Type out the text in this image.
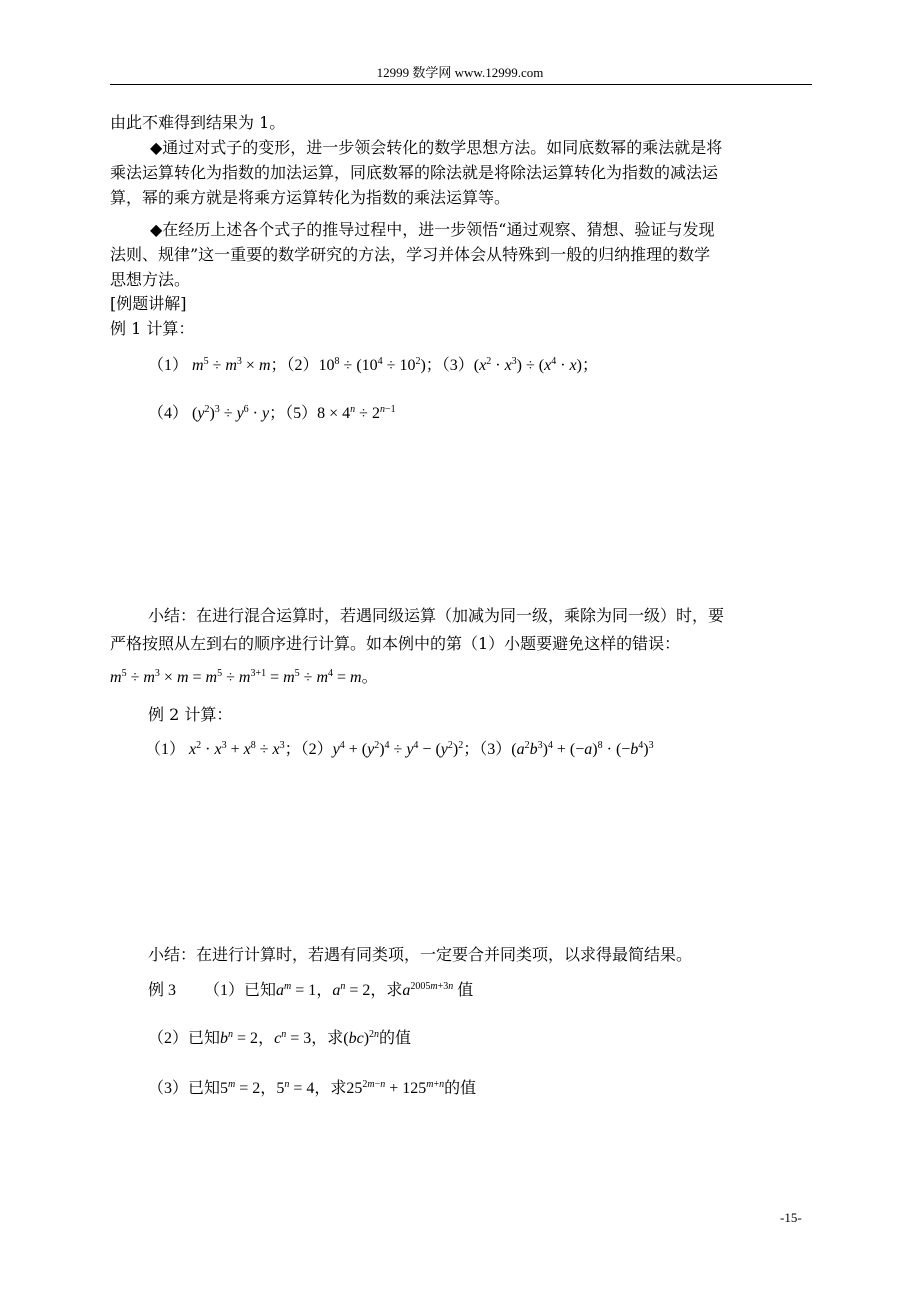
12999 数学网 www.12999.com
由此不难得到结果为 1。
◆通过对式子的变形，进一步领会转化的数学思想方法。如同底数幂的乘法就是将
乘法运算转化为指数的加法运算，同底数幂的除法就是将除法运算转化为指数的减法运
算，幂的乘方就是将乘方运算转化为指数的乘法运算等。
◆在经历上述各个式子的推导过程中，进一步领悟“通过观察、猜想、验证与发现
法则、规律”这一重要的数学研究的方法，学习并体会从特殊到一般的归纳推理的数学
思想方法。
[例题讲解]
例 1 计算：
（1） $m^5 \div m^3 \times m$；$(2)10^8 \div (10^4 \div 10^2)$；$(3)(x^2 \cdot x^3) \div (x^4 \cdot x)$；
（4） $(y^2)^3 \div y^6 \cdot y$；$(5)8 \times 4^n \div 2^{n-1}$
小结：在进行混合运算时，若遇同级运算（加减为同一级，乘除为同一级）时，要
严格按照从左到右的顺序进行计算。如本例中的第（1）小题要避免这样的错误：
$m^5 \div m^3 \times m = m^5 \div m^{3+1} = m^5 \div m^4 = m$。
例 2 计算：
（1） $x^2 \cdot x^3 + x^8 \div x^3$；$(2)y^4 + (y^2)^4 \div y^4 - (y^2)^2$；$(3)(a^2b^3)^4 + (-a)^8 \cdot (-b^4)^3$
小结：在进行计算时，若遇有同类项，一定要合并同类项，以求得最简结果。
例 3 （1）已知$a^m = 1$，$a^n = 2$，求$a^{2005m+3n}$ 值
（2）已知$b^n = 2$，$c^n = 3$，求(bc)$^{2n}$的值
（3）已知$5^m = 2$，$5^n = 4$，求$25^{2m-n} + 125^{m+n}$的值
-15-
